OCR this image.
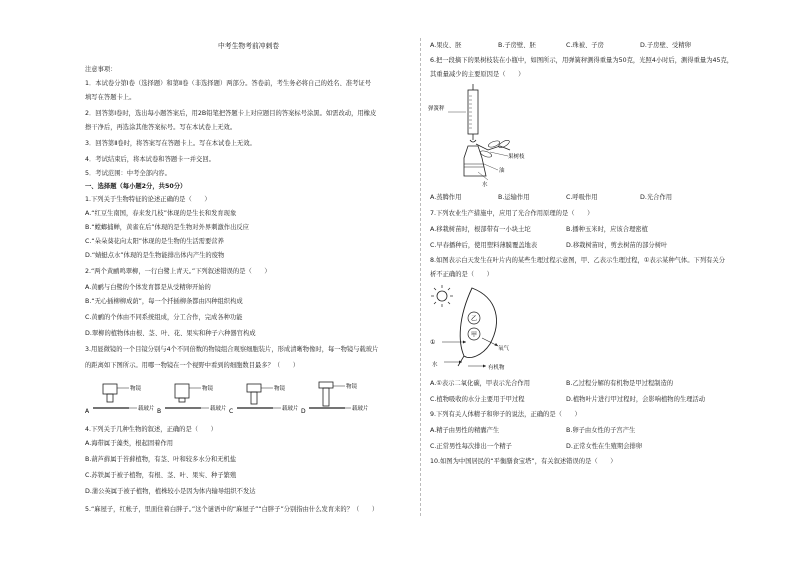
中考生物考前冲刺卷
注意事项：
1．本试卷分第Ⅰ卷（选择题）和第Ⅱ卷（非选择题）两部分。答卷前，考生务必将自己的姓名、准考证号
填写在答题卡上。
2．回答第Ⅰ卷时，选出每小题答案后，用2B铅笔把答题卡上对应题目的答案标号涂黑。如需改动，用橡皮
擦干净后，再选涂其他答案标号。写在本试卷上无效。
3．回答第Ⅱ卷时，将答案写在答题卡上。写在本试卷上无效。
4．考试结束后，将本试卷和答题卡一并交回。
5．考试范围：中考全部内容。
一、选择题（每小题2分，共50分）
1.下列关于生物特征的论述正确的是（　　）
A.“红豆生南国，春来发几枝”体现的是生长和发育现象
B.“螳螂捕蝉，黄雀在后”体现的是生物对外界刺激作出反应
C.“朵朵葵花向太阳”体现的是生物的生活需要营养
D.“蜻蜓点水”体现的是生物能排出体内产生的废物
2.“两个黄鹂鸣翠柳，一行白鹭上青天。”下列叙述错误的是（　　）
A.黄鹂与白鹭的个体发育都是从受精卵开始的
B.“无心插柳柳成荫”，每一个扦插柳条都由四种组织构成
C.黄鹂的个体由不同系统组成，分工合作，完成各种功能
D.翠柳的植物体由根、茎、叶、花、果实和种子六种器官构成
3.用显微镜的一个目镜分别与4个不同倍数的物镜组合观察细胞装片，形成清晰物像时，每一物镜与载玻片
的距离如下图所示。用哪一物镜在一个视野中看到的细胞数目最多？（　　）
A
物镜
载玻片 B
物镜
载玻片 C
物镜
载玻片 D
物镜
载玻片
4.下列关于几种生物的叙述，正确的是（　　）
A.海带属于藻类，根起固着作用
B.葫芦藓属于苔藓植物，有茎、叶和较多水分和无机盐
C.苏铁属于被子植物，有根、茎、叶、果实、种子繁殖
D.蒲公英属于被子植物，植株较小是因为体内输导组织不发达
5.“麻屋子，红帐子，里面住着白胖子。”这个谜语中的“麻屋子”“白胖子”分别指由什么发育来的？（　　）
A.果皮、胚	B.子房壁、胚	C.珠被、子房	D.子房壁、受精卵
6.把一段摘下的果树枝装在小瓶中，如图所示，用弹簧秤测得重量为50克，光照4小时后，测得重量为45克，
其重量减少的主要原因是（　　）
弹簧秤
果树枝
油
水
A.蒸腾作用	B.运输作用	C.呼吸作用	D.光合作用
7.下列农业生产措施中，应用了光合作用原理的是（　　）
A.移栽树苗时，根部带有一小块土坨	B.播种玉米时，应该合理密植
C.早春播种后，使用塑料薄膜覆盖地表	D.移栽树苗时，剪去树苗的部分树叶
8.如图表示白天发生在叶片内的某些生理过程示意图，甲、乙表示生理过程，①表示某种气体。下列有关分
析不正确的是（　　）
乙
甲
①
氧气
水	有机物
A.①表示二氧化碳，甲表示光合作用	B.乙过程分解的有机物是甲过程制造的
C.植物吸收的水分主要用于甲过程	D.植物叶片进行甲过程时，会影响植物的生理活动
9.下列有关人体精子和卵子的说法，正确的是（　　）
A.精子由男性的精囊产生	B.卵子由女性的子宫产生
C.正常男性每次排出一个精子	D.正常女性在生殖期会排卵
10.如图为中国居民的“平衡膳食宝塔”，有关叙述错误的是（　　）
